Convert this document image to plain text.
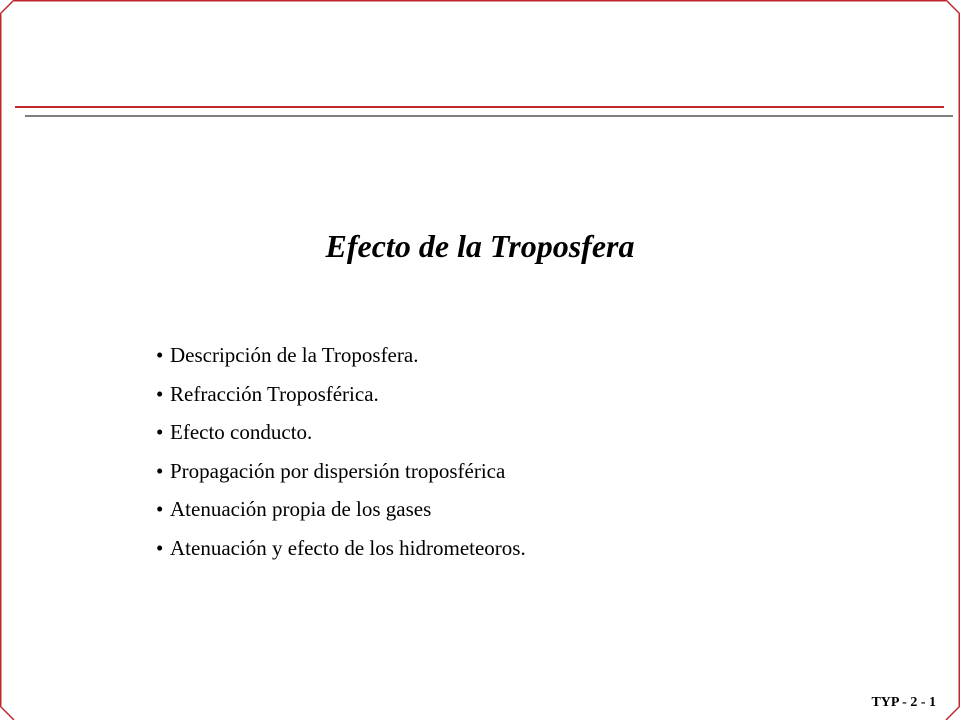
Efecto de la Troposfera
• Descripción de la Troposfera.
• Refracción Troposférica.
• Efecto conducto.
• Propagación por dispersión troposférica
• Atenuación propia de los gases
• Atenuación y efecto de los hidrometeoros.
TYP - 2 - 1
